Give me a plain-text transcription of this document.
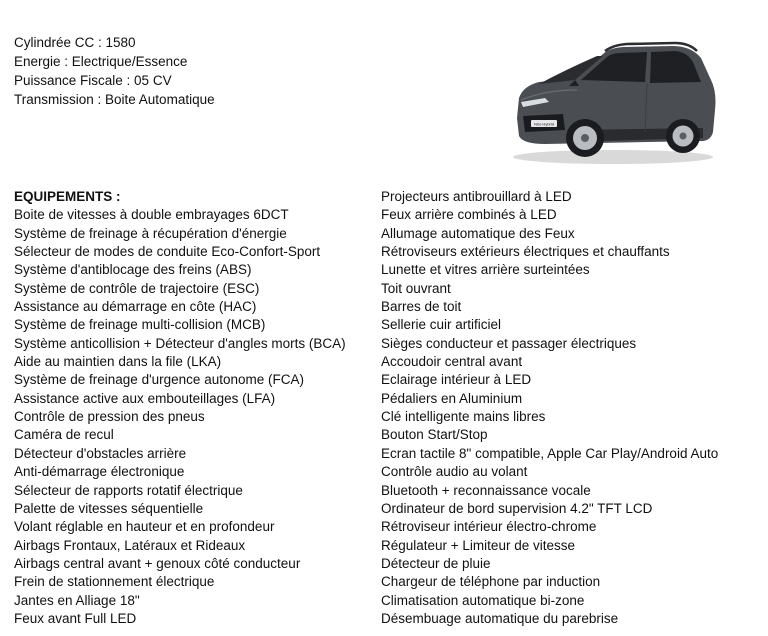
Cylindrée CC : 1580
Energie : Electrique/Essence
Puissance Fiscale : 05 CV
Transmission : Boite Automatique
Niro Hybrid
EQUIPEMENTS :
Boite de vitesses à double embrayages 6DCT
Système de freinage à récupération d'énergie
Sélecteur de modes de conduite Eco-Confort-Sport
Système d'antiblocage des freins (ABS)
Système de contrôle de trajectoire (ESC)
Assistance au démarrage en côte (HAC)
Système de freinage multi-collision (MCB)
Système anticollision + Détecteur d'angles morts (BCA)
Aide au maintien dans la file (LKA)
Système de freinage d'urgence autonome (FCA)
Assistance active aux embouteillages (LFA)
Contrôle de pression des pneus
Caméra de recul
Détecteur d'obstacles arrière
Anti-démarrage électronique
Sélecteur de rapports rotatif électrique
Palette de vitesses séquentielle
Volant réglable en hauteur et en profondeur
Airbags Frontaux, Latéraux et Rideaux
Airbags central avant + genoux côté conducteur
Frein de stationnement électrique
Jantes en Alliage 18"
Feux avant Full LED
Projecteurs antibrouillard à LED
Feux arrière combinés à LED
Allumage automatique des Feux
Rétroviseurs extérieurs électriques et chauffants
Lunette et vitres arrière surteintées
Toit ouvrant
Barres de toit
Sellerie cuir artificiel
Sièges conducteur et passager électriques
Accoudoir central avant
Eclairage intérieur à LED
Pédaliers en Aluminium
Clé intelligente mains libres
Bouton Start/Stop
Ecran tactile 8" compatible, Apple Car Play/Android Auto
Contrôle audio au volant
Bluetooth + reconnaissance vocale
Ordinateur de bord supervision 4.2" TFT LCD
Rétroviseur intérieur électro-chrome
Régulateur + Limiteur de vitesse
Détecteur de pluie
Chargeur de téléphone par induction
Climatisation automatique bi-zone
Désembuage automatique du parebrise
